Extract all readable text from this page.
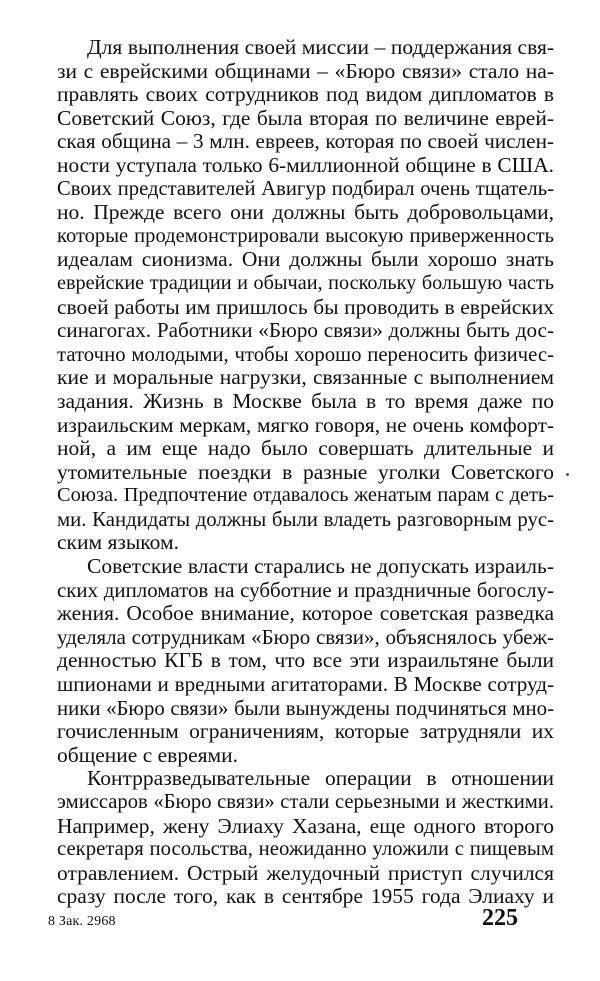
Для выполнения своей миссии – поддержания свя-
зи с еврейскими общинами – «Бюро связи» стало на-
правлять своих сотрудников под видом дипломатов в
Советский Союз, где была вторая по величине еврей-
ская община – 3 млн. евреев, которая по своей числен-
ности уступала только 6-миллионной общине в США.
Своих представителей Авигур подбирал очень тщатель-
но. Прежде всего они должны быть добровольцами,
которые продемонстрировали высокую приверженность
идеалам сионизма. Они должны были хорошо знать
еврейские традиции и обычаи, поскольку большую часть
своей работы им пришлось бы проводить в еврейских
синагогах. Работники «Бюро связи» должны быть дос-
таточно молодыми, чтобы хорошо переносить физичес-
кие и моральные нагрузки, связанные с выполнением
задания. Жизнь в Москве была в то время даже по
израильским меркам, мягко говоря, не очень комфорт-
ной, а им еще надо было совершать длительные и
утомительные поездки в разные уголки Советского
Союза. Предпочтение отдавалось женатым парам с деть-
ми. Кандидаты должны были владеть разговорным рус-
ским языком.
Советские власти старались не допускать израиль-
ских дипломатов на субботние и праздничные богослу-
жения. Особое внимание, которое советская разведка
уделяла сотрудникам «Бюро связи», объяснялось убеж-
денностью КГБ в том, что все эти израильтяне были
шпионами и вредными агитаторами. В Москве сотруд-
ники «Бюро связи» были вынуждены подчиняться мно-
гочисленным ограничениям, которые затрудняли их
общение с евреями.
Контрразведывательные операции в отношении
эмиссаров «Бюро связи» стали серьезными и жесткими.
Например, жену Элиаху Хазана, еще одного второго
секретаря посольства, неожиданно уложили с пищевым
отравлением. Острый желудочный приступ случился
сразу после того, как в сентябре 1955 года Элиаху и
8 Зак. 2968	225
